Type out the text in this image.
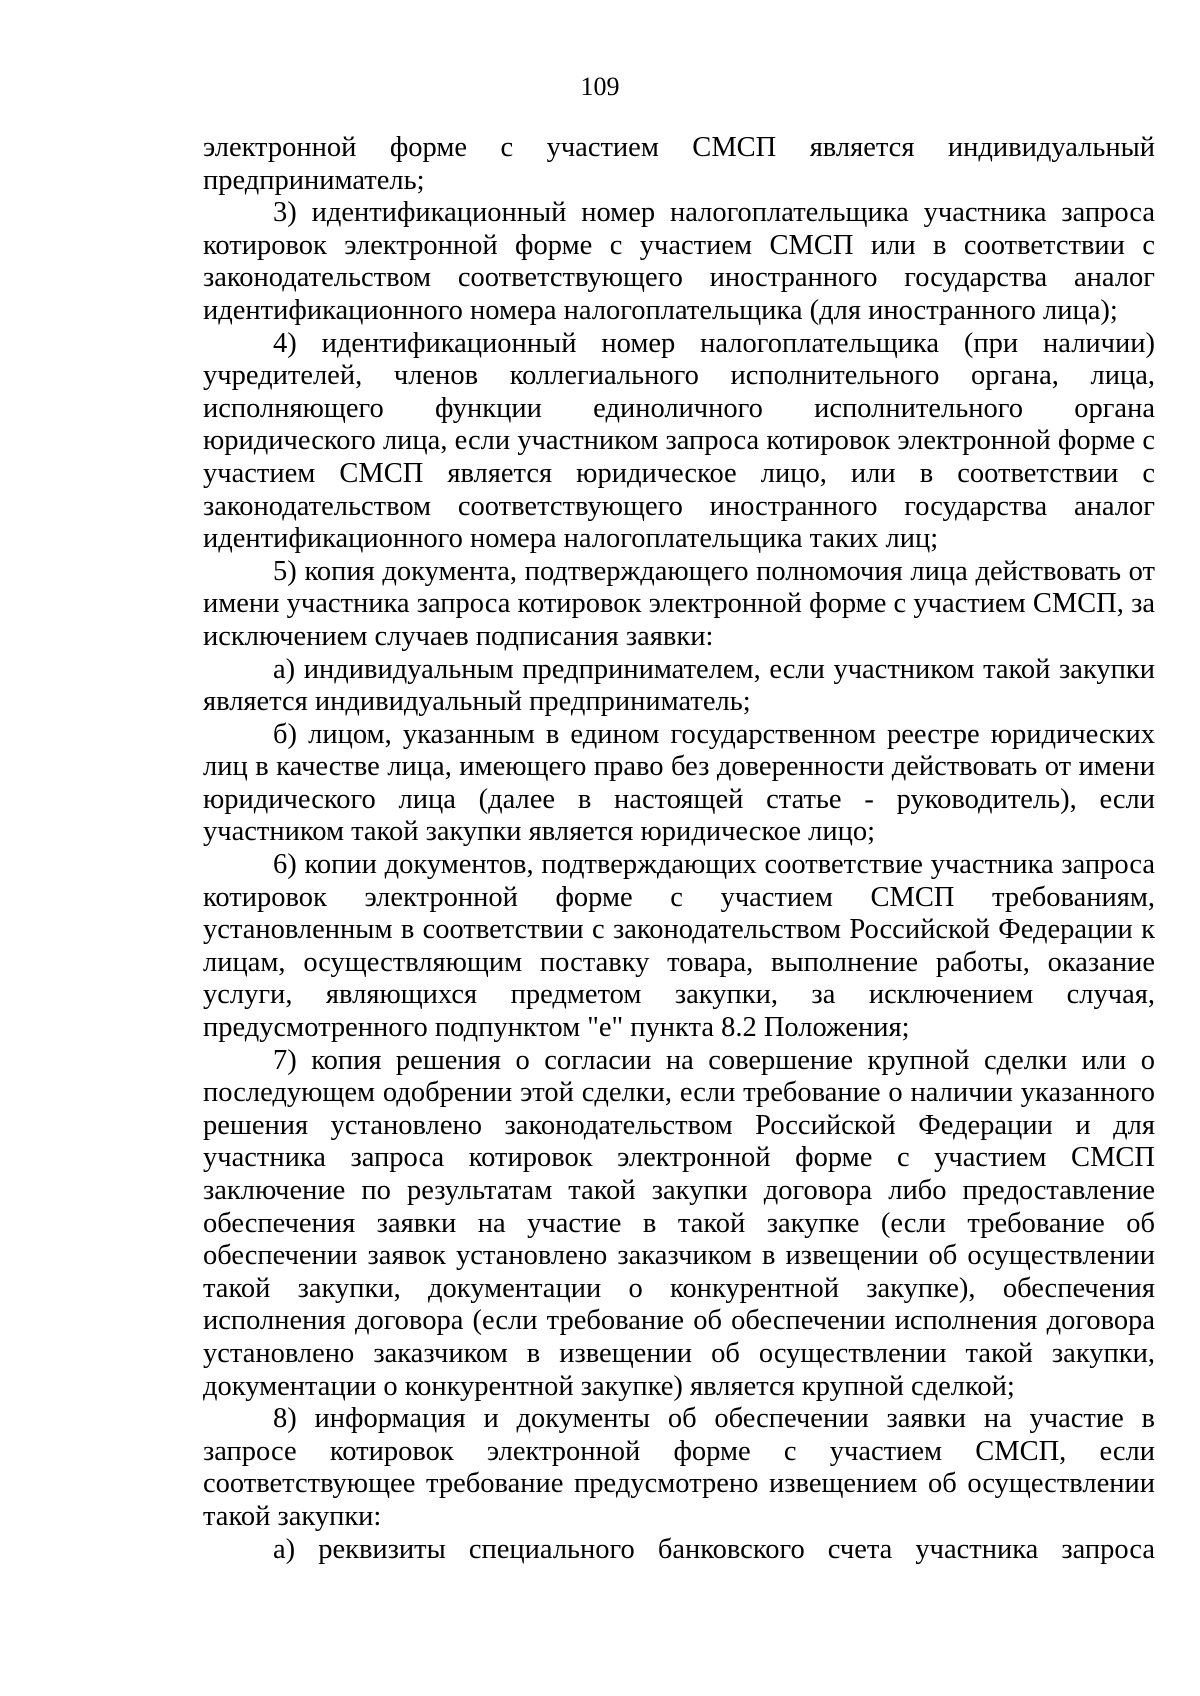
109

электронной форме с участием СМСП является индивидуальный предприниматель;

3) идентификационный номер налогоплательщика участника запроса котировок электронной форме с участием СМСП или в соответствии с законодательством соответствующего иностранного государства аналог идентификационного номера налогоплательщика (для иностранного лица);

4) идентификационный номер налогоплательщика (при наличии) учредителей, членов коллегиального исполнительного органа, лица, исполняющего функции единоличного исполнительного органа юридического лица, если участником запроса котировок электронной форме с участием СМСП является юридическое лицо, или в соответствии с законодательством соответствующего иностранного государства аналог идентификационного номера налогоплательщика таких лиц;

5) копия документа, подтверждающего полномочия лица действовать от имени участника запроса котировок электронной форме с участием СМСП, за исключением случаев подписания заявки:

а) индивидуальным предпринимателем, если участником такой закупки является индивидуальный предприниматель;

б) лицом, указанным в едином государственном реестре юридических лиц в качестве лица, имеющего право без доверенности действовать от имени юридического лица (далее в настоящей статье - руководитель), если участником такой закупки является юридическое лицо;

6) копии документов, подтверждающих соответствие участника запроса котировок электронной форме с участием СМСП требованиям, установленным в соответствии с законодательством Российской Федерации к лицам, осуществляющим поставку товара, выполнение работы, оказание услуги, являющихся предметом закупки, за исключением случая, предусмотренного подпунктом "е" пункта 8.2 Положения;

7) копия решения о согласии на совершение крупной сделки или о последующем одобрении этой сделки, если требование о наличии указанного решения установлено законодательством Российской Федерации и для участника запроса котировок электронной форме с участием СМСП заключение по результатам такой закупки договора либо предоставление обеспечения заявки на участие в такой закупке (если требование об обеспечении заявок установлено заказчиком в извещении об осуществлении такой закупки, документации о конкурентной закупке), обеспечения исполнения договора (если требование об обеспечении исполнения договора установлено заказчиком в извещении об осуществлении такой закупки, документации о конкурентной закупке) является крупной сделкой;

8) информация и документы об обеспечении заявки на участие в запросе котировок электронной форме с участием СМСП, если соответствующее требование предусмотрено извещением об осуществлении такой закупки:

а) реквизиты специального банковского счета участника запроса
